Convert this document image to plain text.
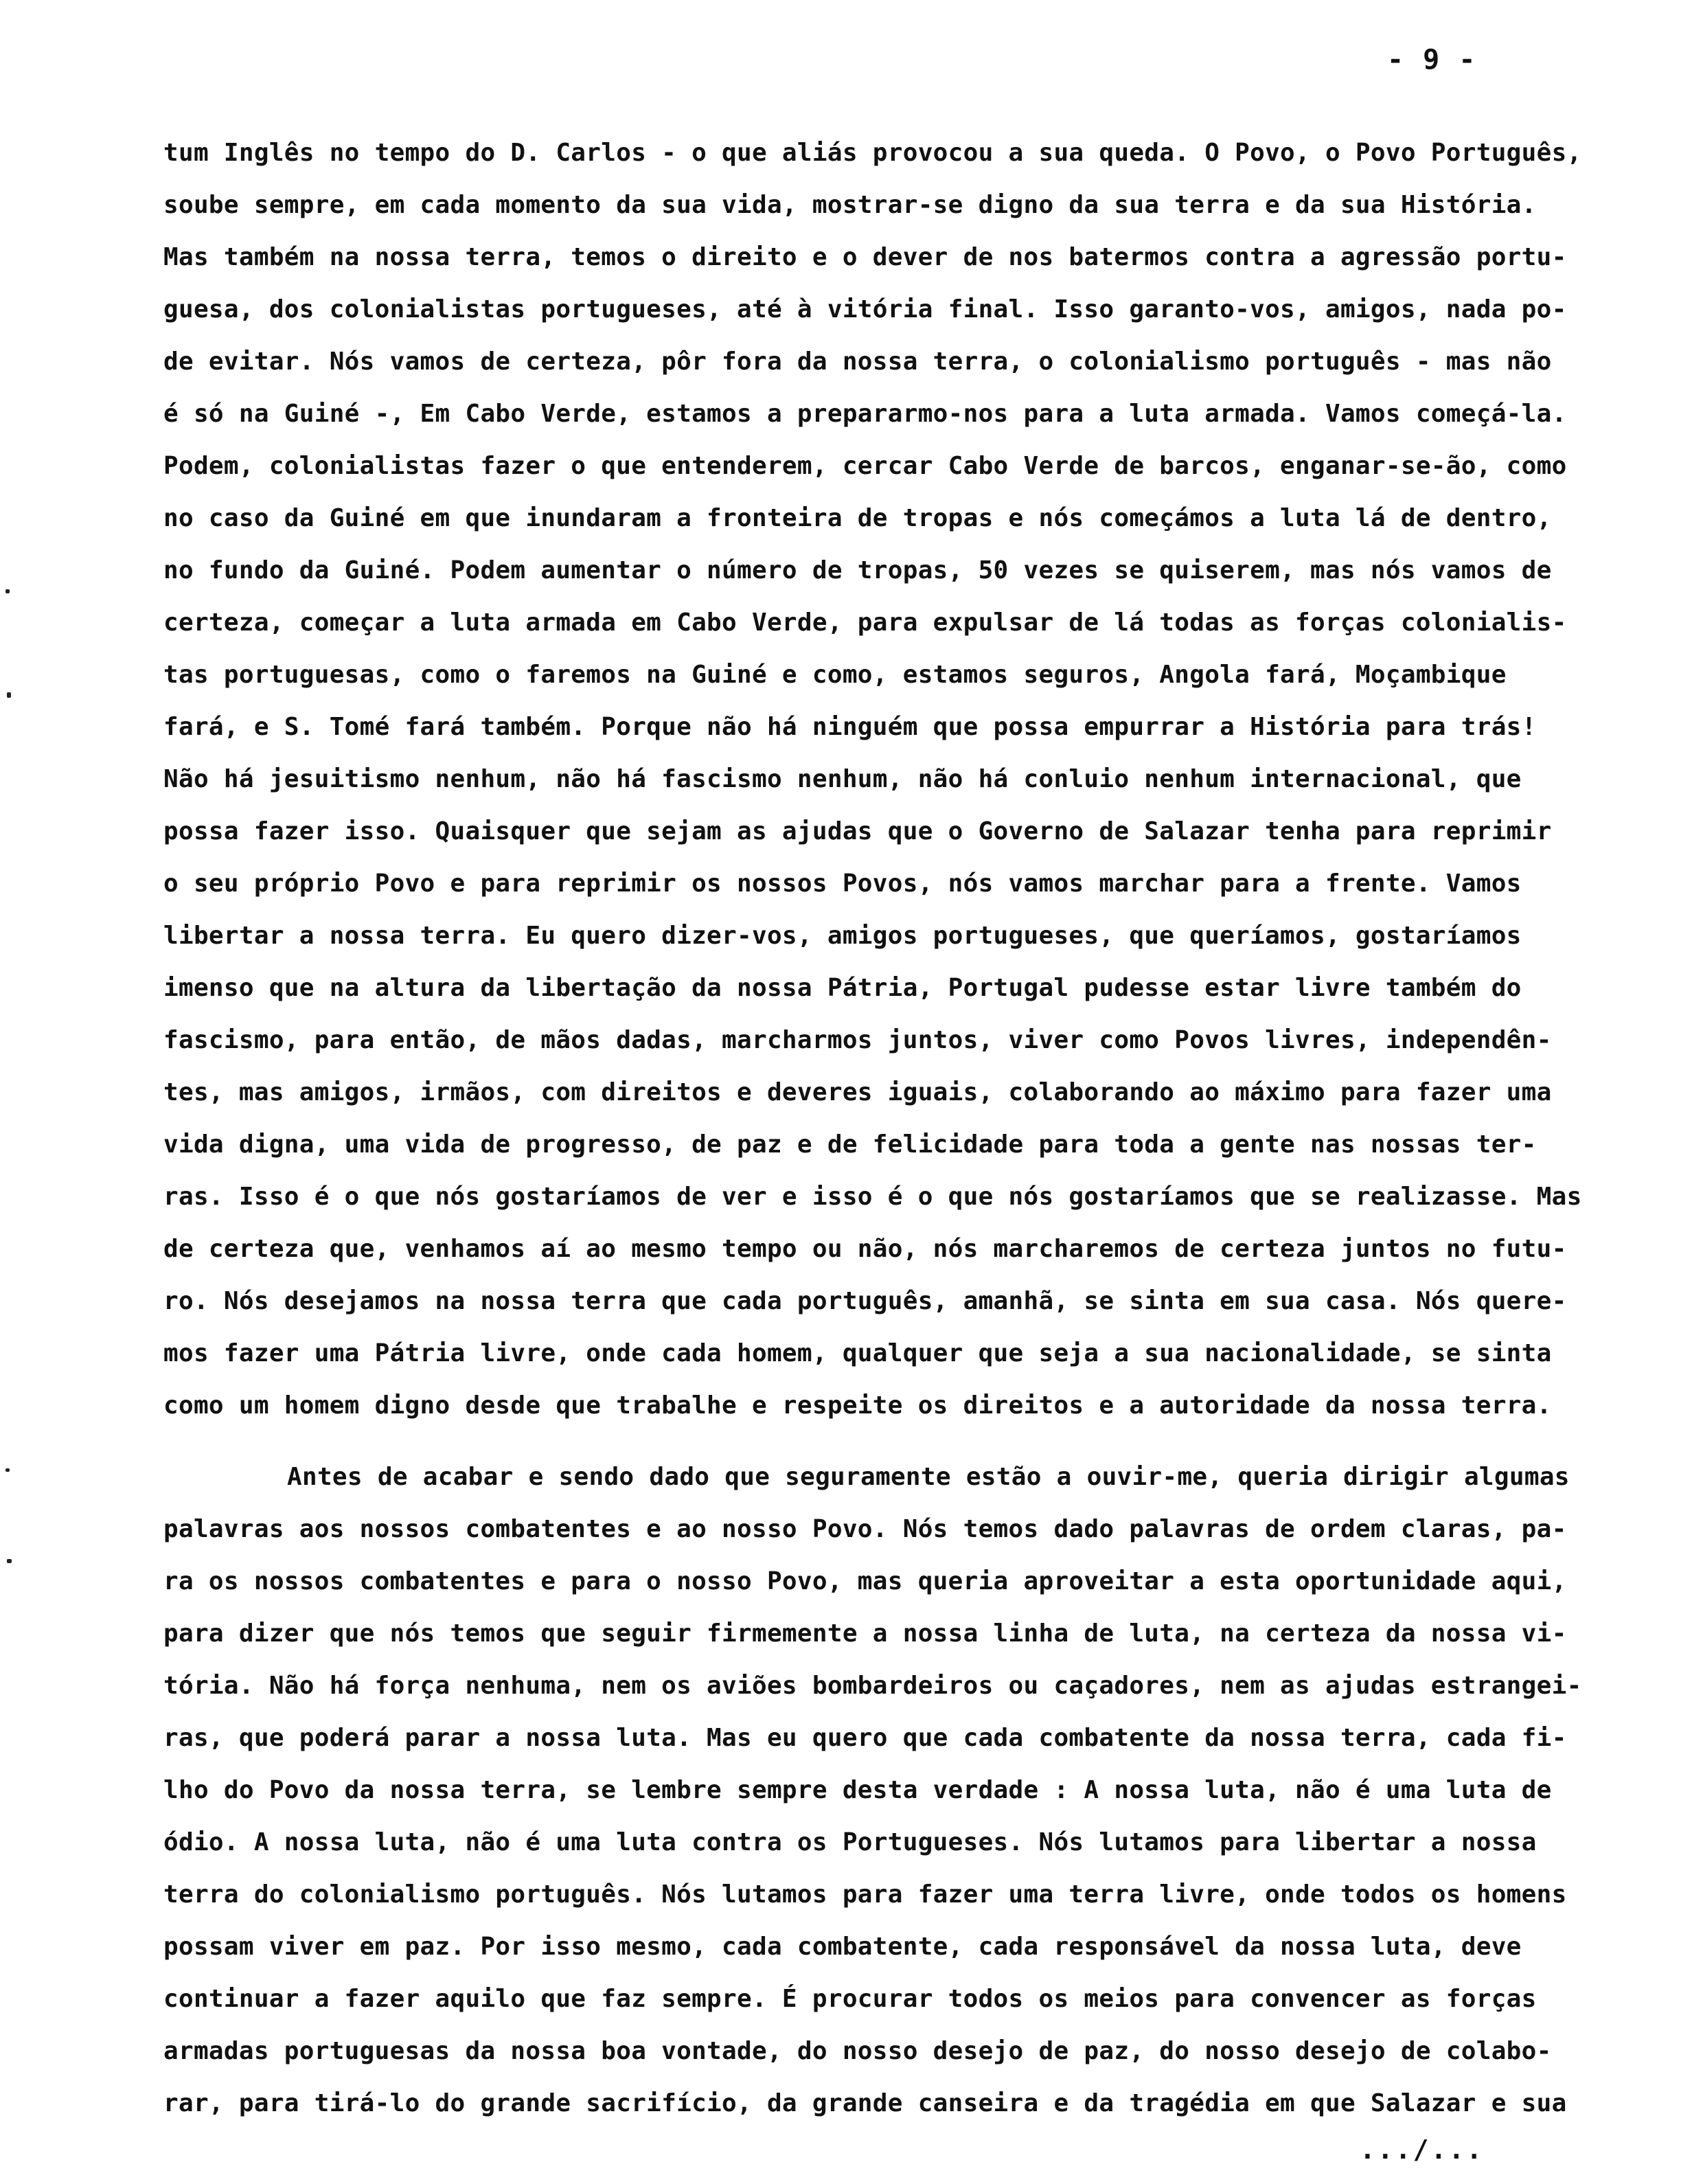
- 9 -
tum Inglês no tempo do D. Carlos - o que aliás provocou a sua queda. O Povo, o Povo Português,
soube sempre, em cada momento da sua vida, mostrar-se digno da sua terra e da sua História.
Mas também na nossa terra, temos o direito e o dever de nos batermos contra a agressão portu-
guesa, dos colonialistas portugueses, até à vitória final. Isso garanto-vos, amigos, nada po-
de evitar. Nós vamos de certeza, pôr fora da nossa terra, o colonialismo português - mas não
é só na Guiné -, Em Cabo Verde, estamos a prepararmo-nos para a luta armada. Vamos começá-la.
Podem, colonialistas fazer o que entenderem, cercar Cabo Verde de barcos, enganar-se-ão, como
no caso da Guiné em que inundaram a fronteira de tropas e nós começámos a luta lá de dentro,
no fundo da Guiné. Podem aumentar o número de tropas, 50 vezes se quiserem, mas nós vamos de
certeza, começar a luta armada em Cabo Verde, para expulsar de lá todas as forças colonialis-
tas portuguesas, como o faremos na Guiné e como, estamos seguros, Angola fará, Moçambique
fará, e S. Tomé fará também. Porque não há ninguém que possa empurrar a História para trás!
Não há jesuitismo nenhum, não há fascismo nenhum, não há conluio nenhum internacional, que
possa fazer isso. Quaisquer que sejam as ajudas que o Governo de Salazar tenha para reprimir
o seu próprio Povo e para reprimir os nossos Povos, nós vamos marchar para a frente. Vamos
libertar a nossa terra. Eu quero dizer-vos, amigos portugueses, que queríamos, gostaríamos
imenso que na altura da libertação da nossa Pátria, Portugal pudesse estar livre também do
fascismo, para então, de mãos dadas, marcharmos juntos, viver como Povos livres, independên-
tes, mas amigos, irmãos, com direitos e deveres iguais, colaborando ao máximo para fazer uma
vida digna, uma vida de progresso, de paz e de felicidade para toda a gente nas nossas ter-
ras. Isso é o que nós gostaríamos de ver e isso é o que nós gostaríamos que se realizasse. Mas
de certeza que, venhamos aí ao mesmo tempo ou não, nós marcharemos de certeza juntos no futu-
ro. Nós desejamos na nossa terra que cada português, amanhã, se sinta em sua casa. Nós quere-
mos fazer uma Pátria livre, onde cada homem, qualquer que seja a sua nacionalidade, se sinta
como um homem digno desde que trabalhe e respeite os direitos e a autoridade da nossa terra.
Antes de acabar e sendo dado que seguramente estão a ouvir-me, queria dirigir algumas
palavras aos nossos combatentes e ao nosso Povo. Nós temos dado palavras de ordem claras, pa-
ra os nossos combatentes e para o nosso Povo, mas queria aproveitar a esta oportunidade aqui,
para dizer que nós temos que seguir firmemente a nossa linha de luta, na certeza da nossa vi-
tória. Não há força nenhuma, nem os aviões bombardeiros ou caçadores, nem as ajudas estrangei-
ras, que poderá parar a nossa luta. Mas eu quero que cada combatente da nossa terra, cada fi-
lho do Povo da nossa terra, se lembre sempre desta verdade : A nossa luta, não é uma luta de
ódio. A nossa luta, não é uma luta contra os Portugueses. Nós lutamos para libertar a nossa
terra do colonialismo português. Nós lutamos para fazer uma terra livre, onde todos os homens
possam viver em paz. Por isso mesmo, cada combatente, cada responsável da nossa luta, deve
continuar a fazer aquilo que faz sempre. É procurar todos os meios para convencer as forças
armadas portuguesas da nossa boa vontade, do nosso desejo de paz, do nosso desejo de colabo-
rar, para tirá-lo do grande sacrifício, da grande canseira e da tragédia em que Salazar e sua
.../...
